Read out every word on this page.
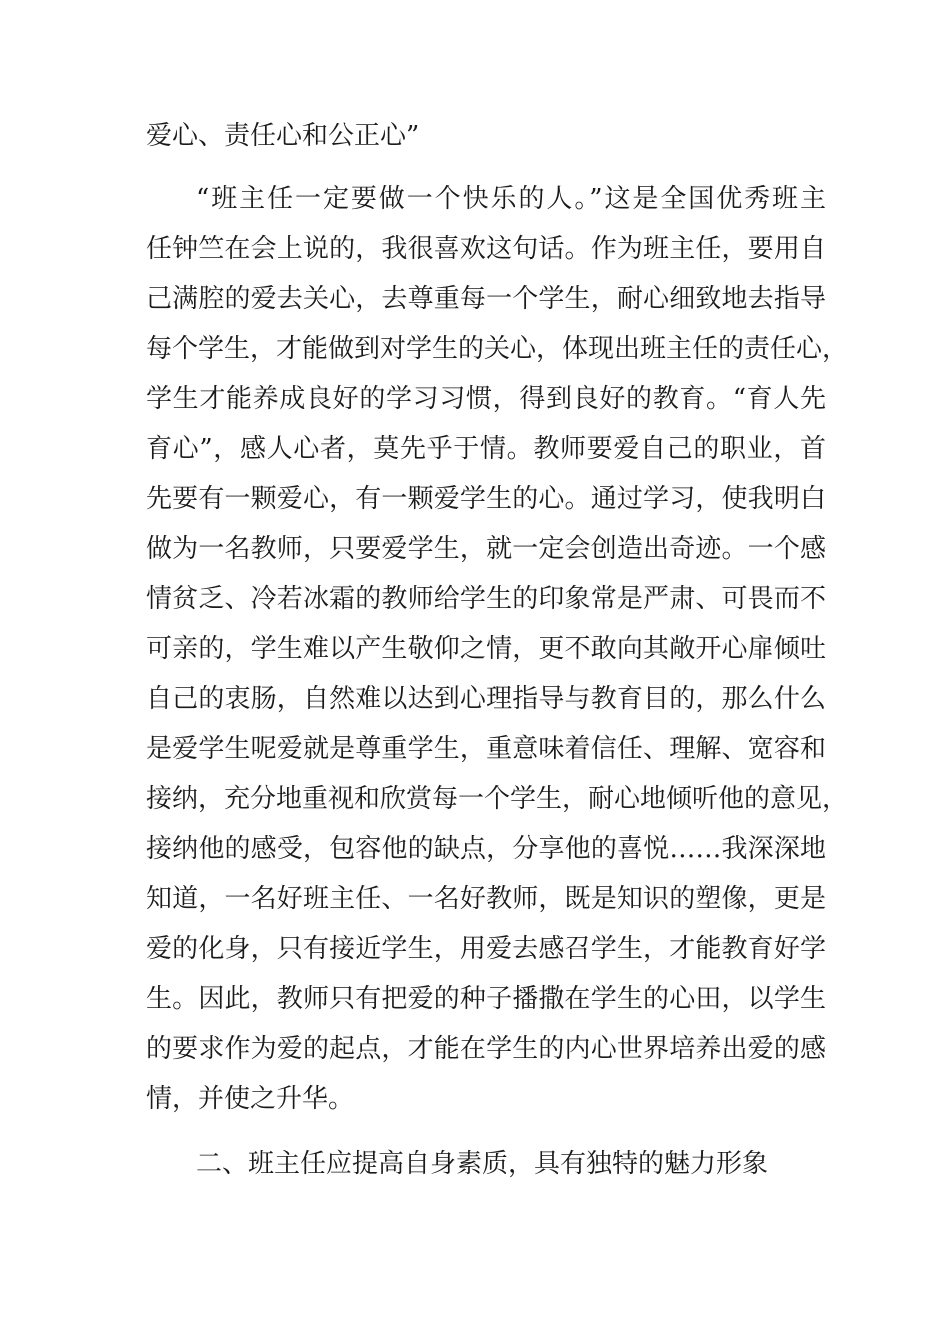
爱心、责任心和公正心”
“班主任一定要做一个快乐的人。”这是全国优秀班主
任钟竺在会上说的，我很喜欢这句话。作为班主任，要用自
己满腔的爱去关心，去尊重每一个学生，耐心细致地去指导
每个学生，才能做到对学生的关心，体现出班主任的责任心，
学生才能养成良好的学习习惯，得到良好的教育。“育人先
育心”，感人心者，莫先乎于情。教师要爱自己的职业，首
先要有一颗爱心，有一颗爱学生的心。通过学习，使我明白
做为一名教师，只要爱学生，就一定会创造出奇迹。一个感
情贫乏、冷若冰霜的教师给学生的印象常是严肃、可畏而不
可亲的，学生难以产生敬仰之情，更不敢向其敞开心扉倾吐
自己的衷肠，自然难以达到心理指导与教育目的，那么什么
是爱学生呢爱就是尊重学生，重意味着信任、理解、宽容和
接纳，充分地重视和欣赏每一个学生，耐心地倾听他的意见，
接纳他的感受，包容他的缺点，分享他的喜悦……我深深地
知道，一名好班主任、一名好教师，既是知识的塑像，更是
爱的化身，只有接近学生，用爱去感召学生，才能教育好学
生。因此，教师只有把爱的种子播撒在学生的心田，以学生
的要求作为爱的起点，才能在学生的内心世界培养出爱的感
情，并使之升华。
二、班主任应提高自身素质，具有独特的魅力形象
